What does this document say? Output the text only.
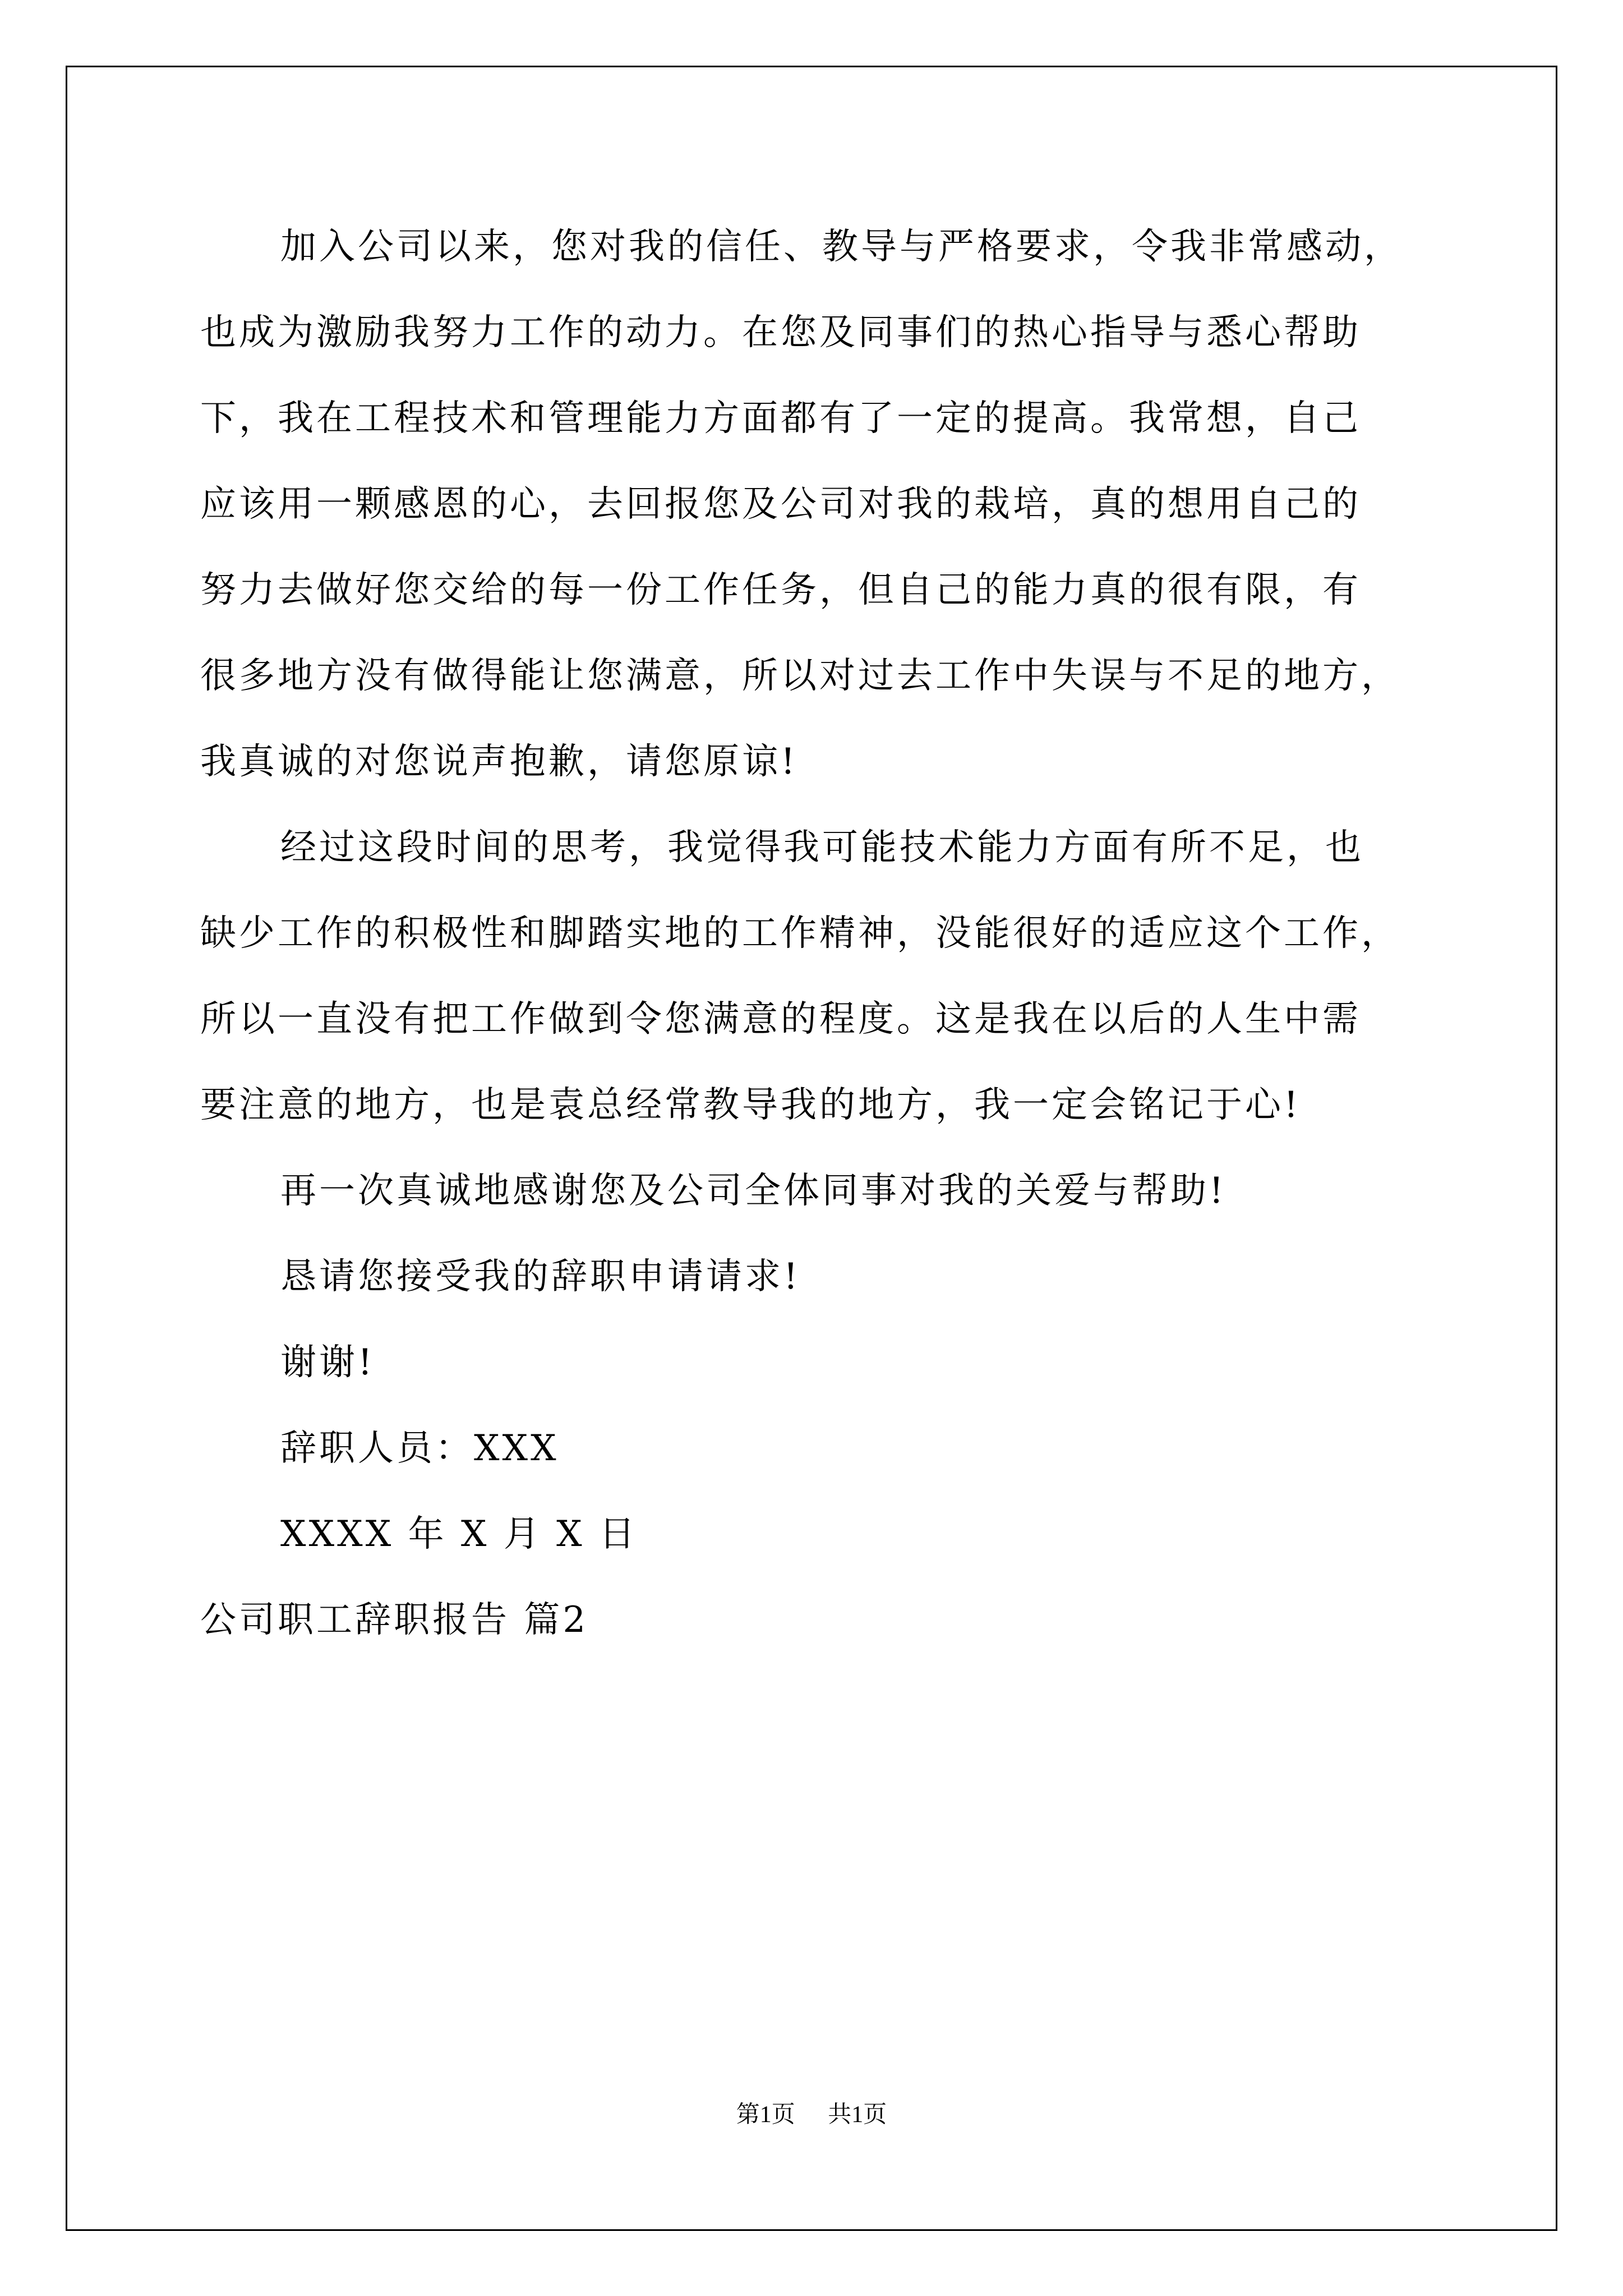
加入公司以来，您对我的信任、教导与严格要求，令我非常感动，

也成为激励我努力工作的动力。在您及同事们的热心指导与悉心帮助

下，我在工程技术和管理能力方面都有了一定的提高。我常想，自己

应该用一颗感恩的心，去回报您及公司对我的栽培，真的想用自己的

努力去做好您交给的每一份工作任务，但自己的能力真的很有限，有

很多地方没有做得能让您满意，所以对过去工作中失误与不足的地方，

我真诚的对您说声抱歉，请您原谅!

经过这段时间的思考，我觉得我可能技术能力方面有所不足，也

缺少工作的积极性和脚踏实地的工作精神，没能很好的适应这个工作，

所以一直没有把工作做到令您满意的程度。这是我在以后的人生中需

要注意的地方，也是袁总经常教导我的地方，我一定会铭记于心!

再一次真诚地感谢您及公司全体同事对我的关爱与帮助!

恳请您接受我的辞职申请请求!

谢谢!

辞职人员：XXX

XXXX 年 X 月 X 日

公司职工辞职报告 篇2

第1页 共1页
